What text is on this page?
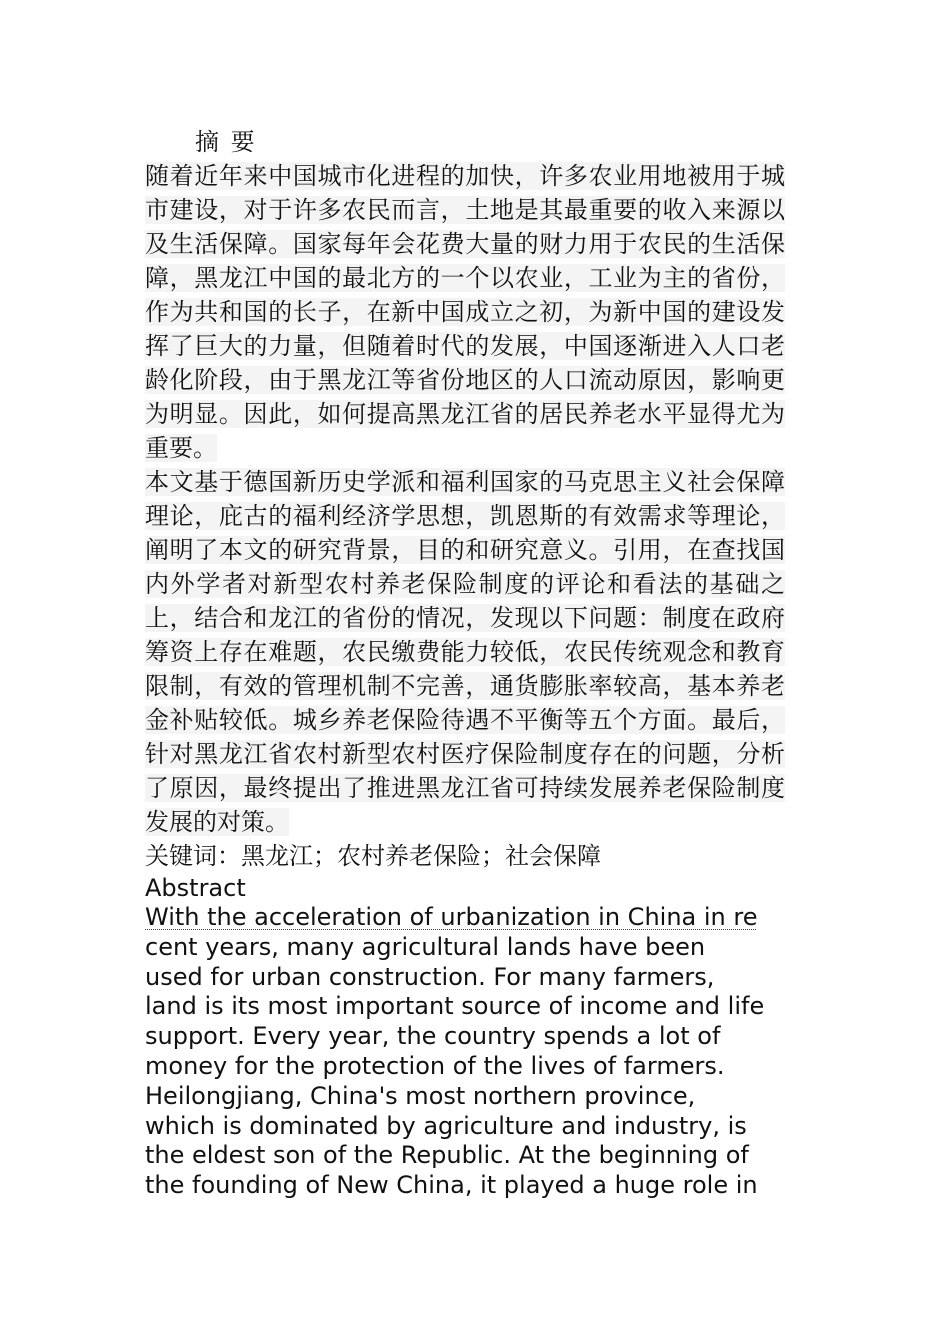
摘 要

随着近年来中国城市化进程的加快，许多农业用地被用于城市建设，对于许多农民而言，土地是其最重要的收入来源以及生活保障。国家每年会花费大量的财力用于农民的生活保障，黑龙江中国的最北方的一个以农业，工业为主的省份，作为共和国的长子，在新中国成立之初，为新中国的建设发挥了巨大的力量，但随着时代的发展，中国逐渐进入人口老龄化阶段，由于黑龙江等省份地区的人口流动原因，影响更为明显。因此，如何提高黑龙江省的居民养老水平显得尤为重要。

本文基于德国新历史学派和福利国家的马克思主义社会保障理论，庇古的福利经济学思想，凯恩斯的有效需求等理论，阐明了本文的研究背景，目的和研究意义。引用，在查找国内外学者对新型农村养老保险制度的评论和看法的基础之上，结合和龙江的省份的情况，发现以下问题：制度在政府筹资上存在难题，农民缴费能力较低，农民传统观念和教育限制，有效的管理机制不完善，通货膨胀率较高，基本养老金补贴较低。城乡养老保险待遇不平衡等五个方面。最后，针对黑龙江省农村新型农村医疗保险制度存在的问题，分析了原因，最终提出了推进黑龙江省可持续发展养老保险制度发展的对策。

关键词：黑龙江；农村养老保险；社会保障
Abstract
With the acceleration of urbanization in China in re
cent years, many agricultural lands have been
used for urban construction. For many farmers,
land is its most important source of income and life
support. Every year, the country spends a lot of
money for the protection of the lives of farmers.
Heilongjiang, China's most northern province,
which is dominated by agriculture and industry, is
the eldest son of the Republic. At the beginning of
the founding of New China, it played a huge role in
